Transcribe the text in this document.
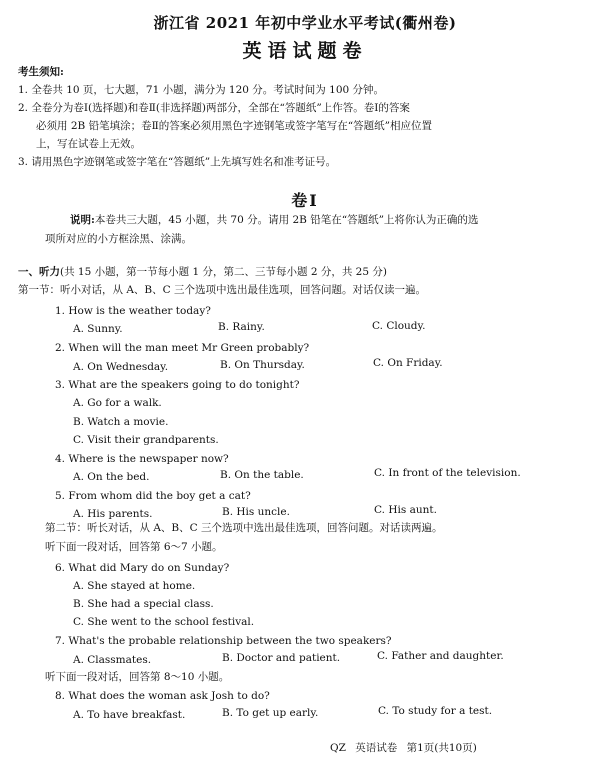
浙江省 2021 年初中学业水平考试(衢州卷)
英语试题卷
考生须知:
1. 全卷共 10 页，七大题，71 小题，满分为 120 分。考试时间为 100 分钟。
2. 全卷分为卷Ⅰ(选择题)和卷Ⅱ(非选择题)两部分，全部在“答题纸”上作答。卷Ⅰ的答案
必须用 2B 铅笔填涂；卷Ⅱ的答案必须用黑色字迹钢笔或签字笔写在“答题纸”相应位置
上，写在试卷上无效。
3. 请用黑色字迹钢笔或签字笔在“答题纸”上先填写姓名和准考证号。
卷Ⅰ
说明:本卷共三大题，45 小题，共 70 分。请用 2B 铅笔在“答题纸”上将你认为正确的选
项所对应的小方框涂黑、涂满。
一、听力(共 15 小题，第一节每小题 1 分，第二、三节每小题 2 分，共 25 分)
第一节：听小对话，从 A、B、C 三个选项中选出最佳选项，回答问题。对话仅读一遍。
1. How is the weather today?
A. Sunny.	B. Rainy.	C. Cloudy.
2. When will the man meet Mr Green probably?
A. On Wednesday.	B. On Thursday.	C. On Friday.
3. What are the speakers going to do tonight?
A. Go for a walk.
B. Watch a movie.
C. Visit their grandparents.
4. Where is the newspaper now?
A. On the bed.	B. On the table.	C. In front of the television.
5. From whom did the boy get a cat?
A. His parents.	B. His uncle.	C. His aunt.
第二节：听长对话，从 A、B、C 三个选项中选出最佳选项，回答问题。对话读两遍。
听下面一段对话，回答第 6～7 小题。
6. What did Mary do on Sunday?
A. She stayed at home.
B. She had a special class.
C. She went to the school festival.
7. What's the probable relationship between the two speakers?
A. Classmates.	B. Doctor and patient.	C. Father and daughter.
听下面一段对话，回答第 8～10 小题。
8. What does the woman ask Josh to do?
A. To have breakfast.	B. To get up early.	C. To study for a test.
QZ 英语试卷 第1页(共10页)
